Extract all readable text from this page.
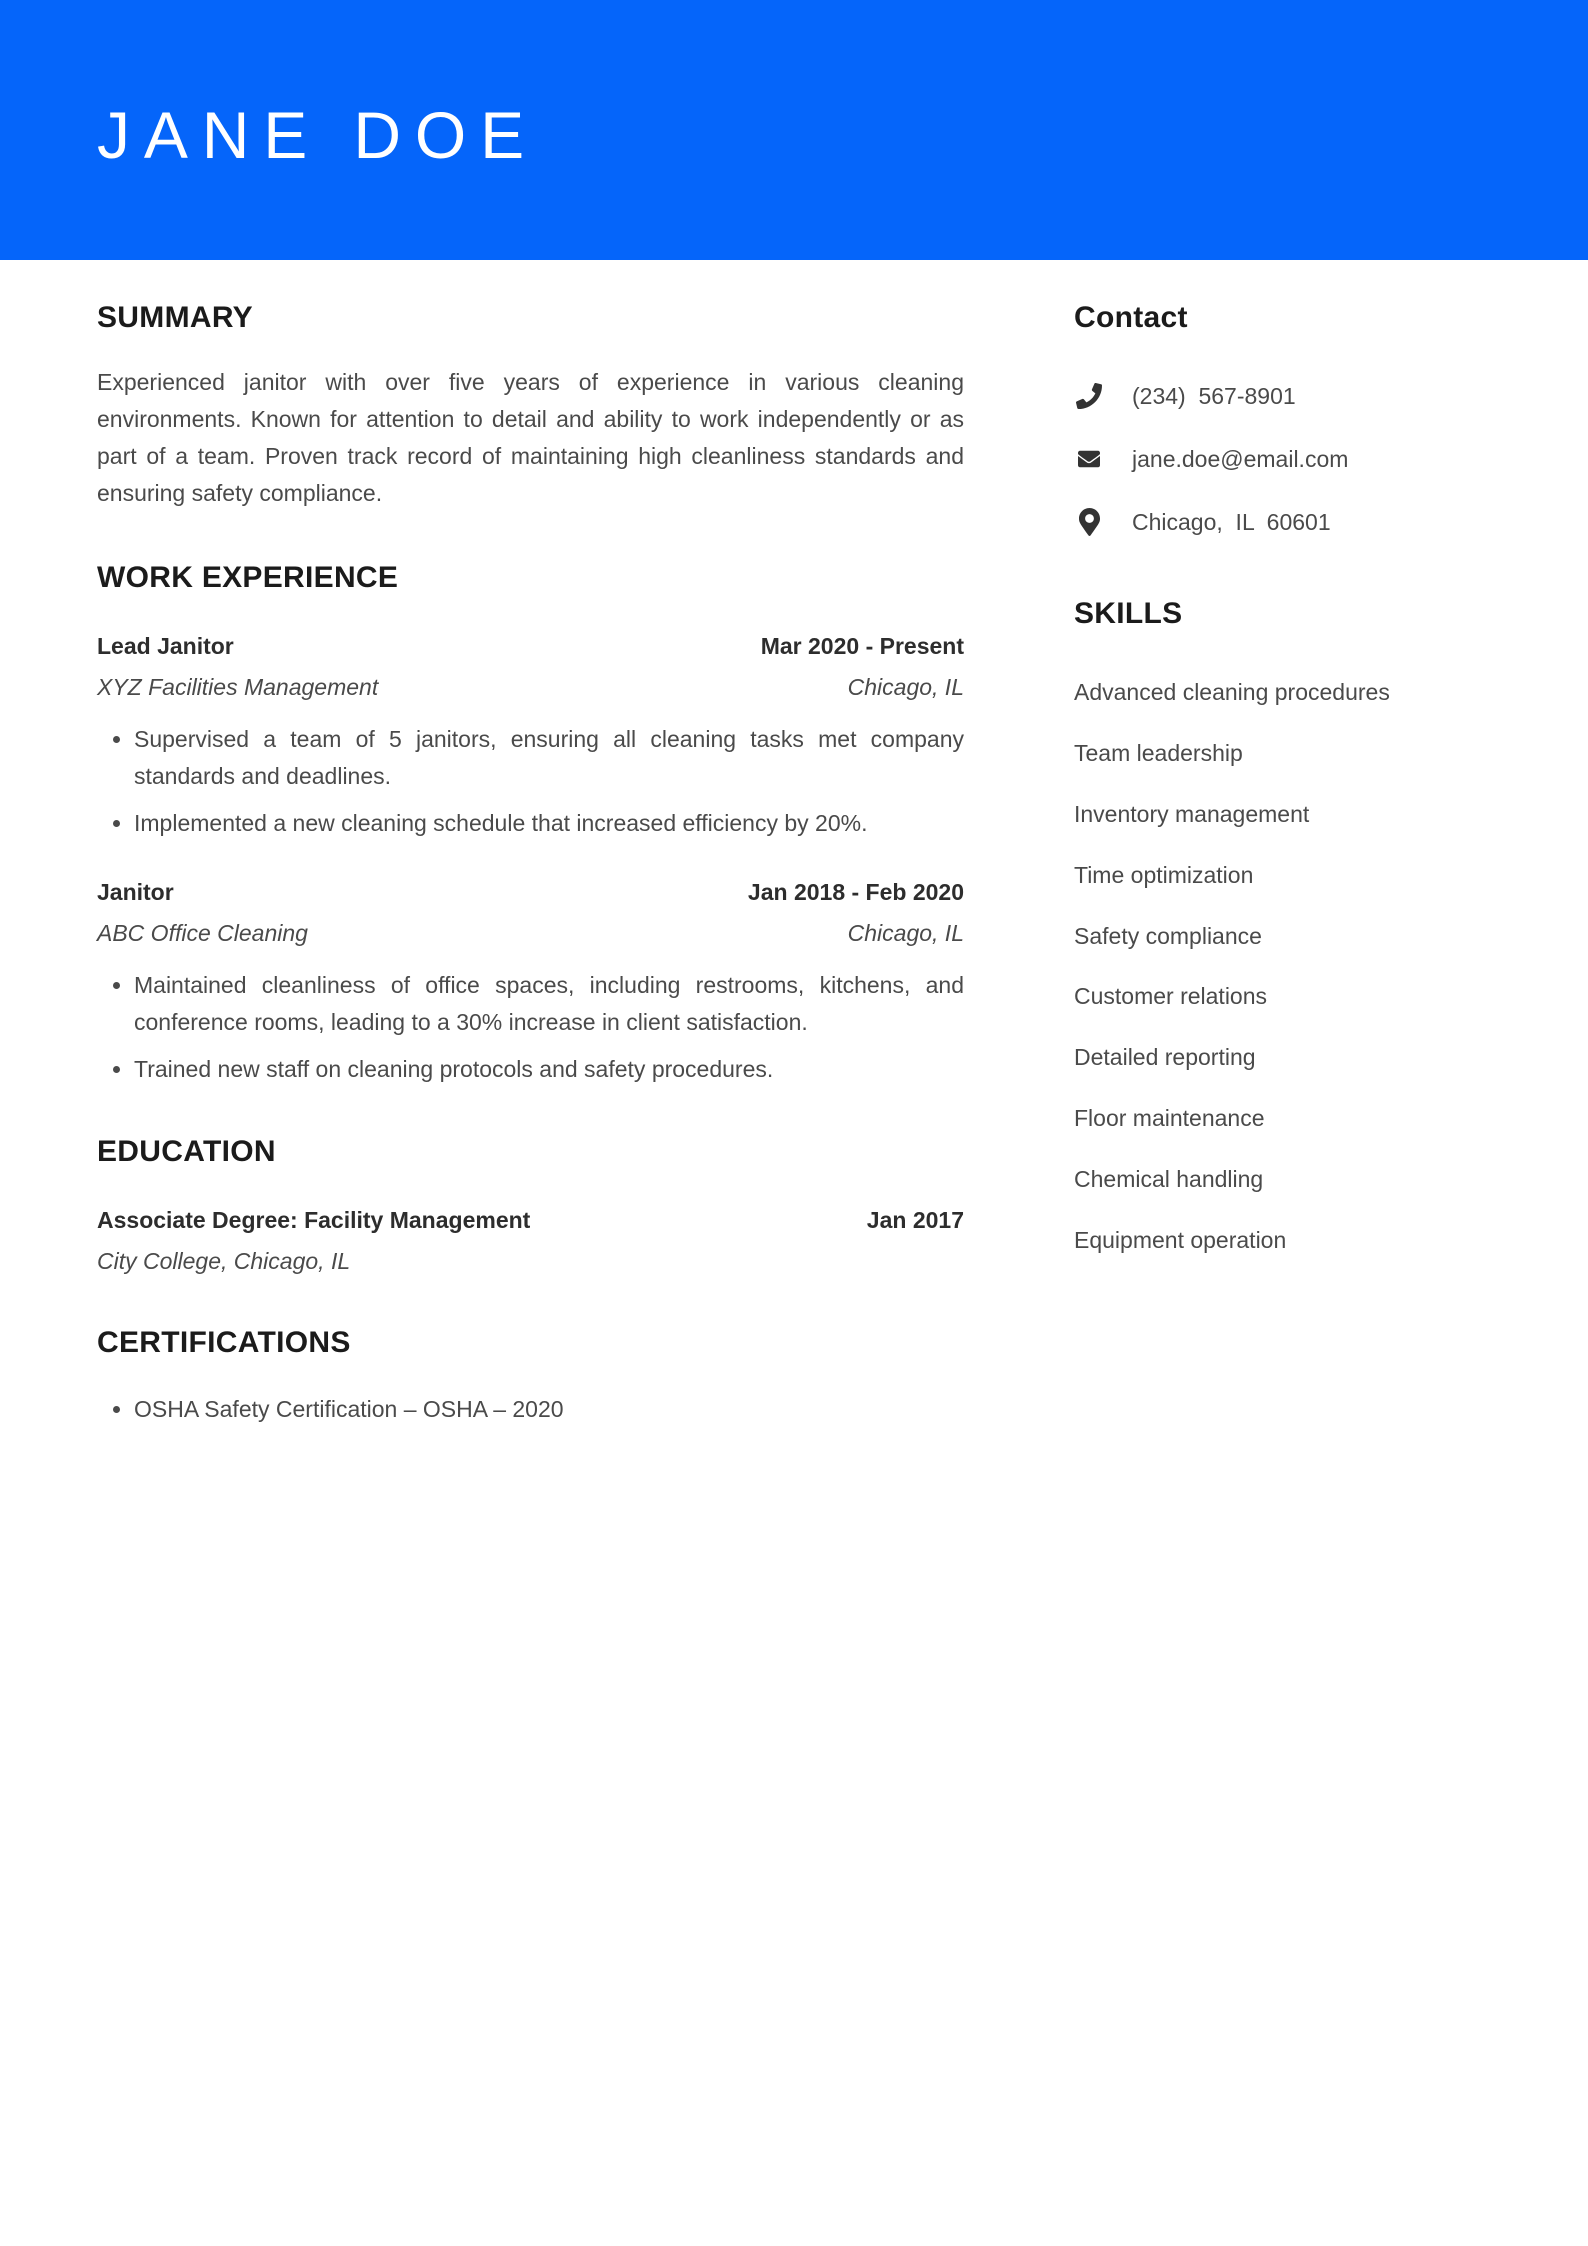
JANE DOE
SUMMARY

Experienced janitor with over five years of experience in various cleaning environments. Known for attention to detail and ability to work independently or as part of a team. Proven track record of maintaining high cleanliness standards and ensuring safety compliance.

WORK EXPERIENCE
Lead Janitor	Mar 2020 - Present
XYZ Facilities Management	Chicago, IL
• Supervised a team of 5 janitors, ensuring all cleaning tasks met company standards and deadlines.
• Implemented a new cleaning schedule that increased efficiency by 20%.
Janitor	Jan 2018 - Feb 2020
ABC Office Cleaning	Chicago, IL
• Maintained cleanliness of office spaces, including restrooms, kitchens, and conference rooms, leading to a 30% increase in client satisfaction.
• Trained new staff on cleaning protocols and safety procedures.
EDUCATION
Associate Degree: Facility Management	Jan 2017
City College, Chicago, IL
CERTIFICATIONS
• OSHA Safety Certification – OSHA – 2020
Contact
(234)  567-8901
jane.doe@email.com
Chicago,  IL  60601
SKILLS
Advanced cleaning procedures
Team leadership
Inventory management
Time optimization
Safety compliance
Customer relations
Detailed reporting
Floor maintenance
Chemical handling
Equipment operation
